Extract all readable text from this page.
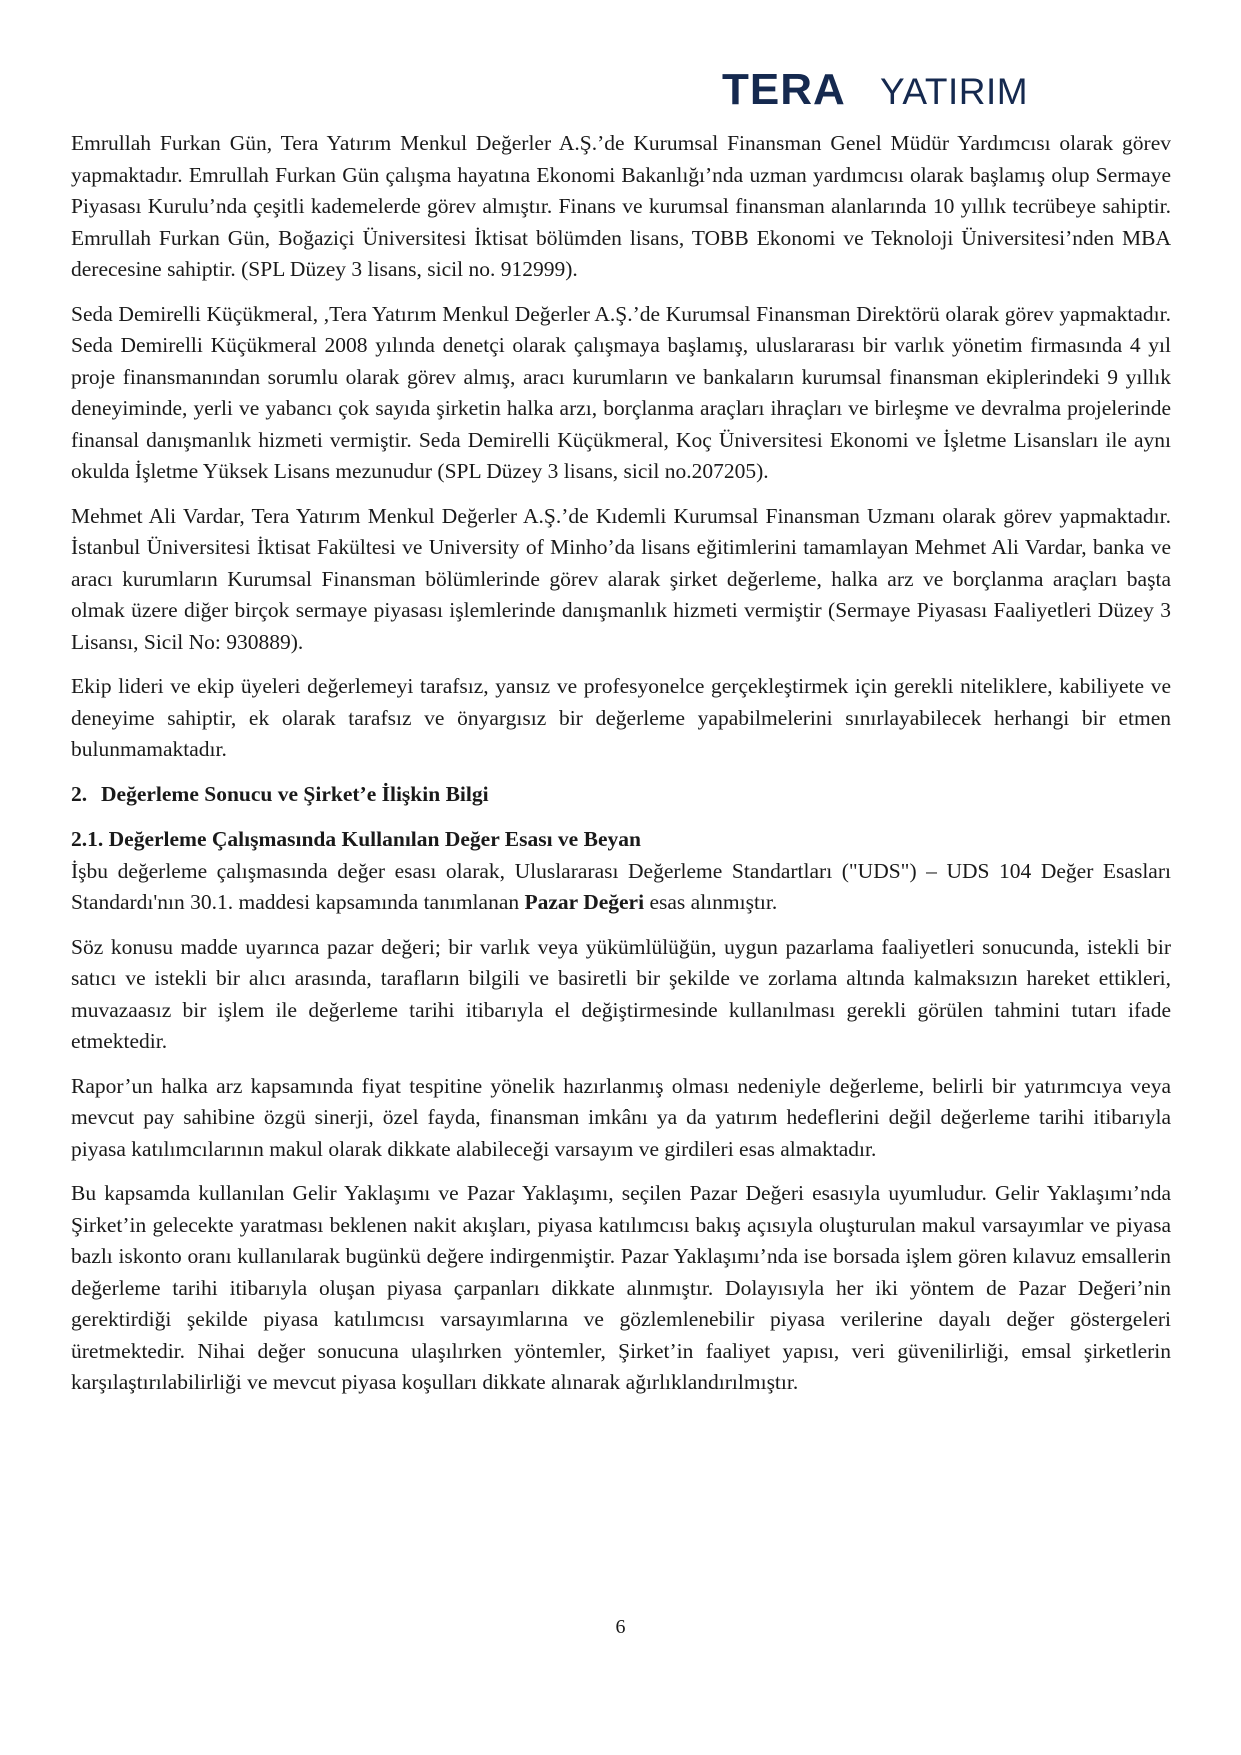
TERA YATIRIM

Emrullah Furkan Gün, Tera Yatırım Menkul Değerler A.Ş.’de Kurumsal Finansman Genel Müdür Yardımcısı olarak görev yapmaktadır. Emrullah Furkan Gün çalışma hayatına Ekonomi Bakanlığı’nda uzman yardımcısı olarak başlamış olup Sermaye Piyasası Kurulu’nda çeşitli kademelerde görev almıştır. Finans ve kurumsal finansman alanlarında 10 yıllık tecrübeye sahiptir. Emrullah Furkan Gün, Boğaziçi Üniversitesi İktisat bölümden lisans, TOBB Ekonomi ve Teknoloji Üniversitesi’nden MBA derecesine sahiptir. (SPL Düzey 3 lisans, sicil no. 912999).

Seda Demirelli Küçükmeral, ,Tera Yatırım Menkul Değerler A.Ş.’de Kurumsal Finansman Direktörü olarak görev yapmaktadır. Seda Demirelli Küçükmeral 2008 yılında denetçi olarak çalışmaya başlamış, uluslararası bir varlık yönetim firmasında 4 yıl proje finansmanından sorumlu olarak görev almış, aracı kurumların ve bankaların kurumsal finansman ekiplerindeki 9 yıllık deneyiminde, yerli ve yabancı çok sayıda şirketin halka arzı, borçlanma araçları ihraçları ve birleşme ve devralma projelerinde finansal danışmanlık hizmeti vermiştir. Seda Demirelli Küçükmeral, Koç Üniversitesi Ekonomi ve İşletme Lisansları ile aynı okulda İşletme Yüksek Lisans mezunudur (SPL Düzey 3 lisans, sicil no.207205).

Mehmet Ali Vardar, Tera Yatırım Menkul Değerler A.Ş.’de Kıdemli Kurumsal Finansman Uzmanı olarak görev yapmaktadır. İstanbul Üniversitesi İktisat Fakültesi ve University of Minho’da lisans eğitimlerini tamamlayan Mehmet Ali Vardar, banka ve aracı kurumların Kurumsal Finansman bölümlerinde görev alarak şirket değerleme, halka arz ve borçlanma araçları başta olmak üzere diğer birçok sermaye piyasası işlemlerinde danışmanlık hizmeti vermiştir (Sermaye Piyasası Faaliyetleri Düzey 3 Lisansı, Sicil No: 930889).

Ekip lideri ve ekip üyeleri değerlemeyi tarafsız, yansız ve profesyonelce gerçekleştirmek için gerekli niteliklere, kabiliyete ve deneyime sahiptir, ek olarak tarafsız ve önyargısız bir değerleme yapabilmelerini sınırlayabilecek herhangi bir etmen bulunmamaktadır.

2. Değerleme Sonucu ve Şirket’e İlişkin Bilgi
2.1. Değerleme Çalışmasında Kullanılan Değer Esası ve Beyan

İşbu değerleme çalışmasında değer esası olarak, Uluslararası Değerleme Standartları ("UDS") – UDS 104 Değer Esasları Standardı'nın 30.1. maddesi kapsamında tanımlanan Pazar Değeri esas alınmıştır.

Söz konusu madde uyarınca pazar değeri; bir varlık veya yükümlülüğün, uygun pazarlama faaliyetleri sonucunda, istekli bir satıcı ve istekli bir alıcı arasında, tarafların bilgili ve basiretli bir şekilde ve zorlama altında kalmaksızın hareket ettikleri, muvazaasız bir işlem ile değerleme tarihi itibarıyla el değiştirmesinde kullanılması gerekli görülen tahmini tutarı ifade etmektedir.

Rapor’un halka arz kapsamında fiyat tespitine yönelik hazırlanmış olması nedeniyle değerleme, belirli bir yatırımcıya veya mevcut pay sahibine özgü sinerji, özel fayda, finansman imkânı ya da yatırım hedeflerini değil değerleme tarihi itibarıyla piyasa katılımcılarının makul olarak dikkate alabileceği varsayım ve girdileri esas almaktadır.

Bu kapsamda kullanılan Gelir Yaklaşımı ve Pazar Yaklaşımı, seçilen Pazar Değeri esasıyla uyumludur. Gelir Yaklaşımı’nda Şirket’in gelecekte yaratması beklenen nakit akışları, piyasa katılımcısı bakış açısıyla oluşturulan makul varsayımlar ve piyasa bazlı iskonto oranı kullanılarak bugünkü değere indirgenmiştir. Pazar Yaklaşımı’nda ise borsada işlem gören kılavuz emsallerin değerleme tarihi itibarıyla oluşan piyasa çarpanları dikkate alınmıştır. Dolayısıyla her iki yöntem de Pazar Değeri’nin gerektirdiği şekilde piyasa katılımcısı varsayımlarına ve gözlemlenebilir piyasa verilerine dayalı değer göstergeleri üretmektedir. Nihai değer sonucuna ulaşılırken yöntemler, Şirket’in faaliyet yapısı, veri güvenilirliği, emsal şirketlerin karşılaştırılabilirliği ve mevcut piyasa koşulları dikkate alınarak ağırlıklandırılmıştır.

6
